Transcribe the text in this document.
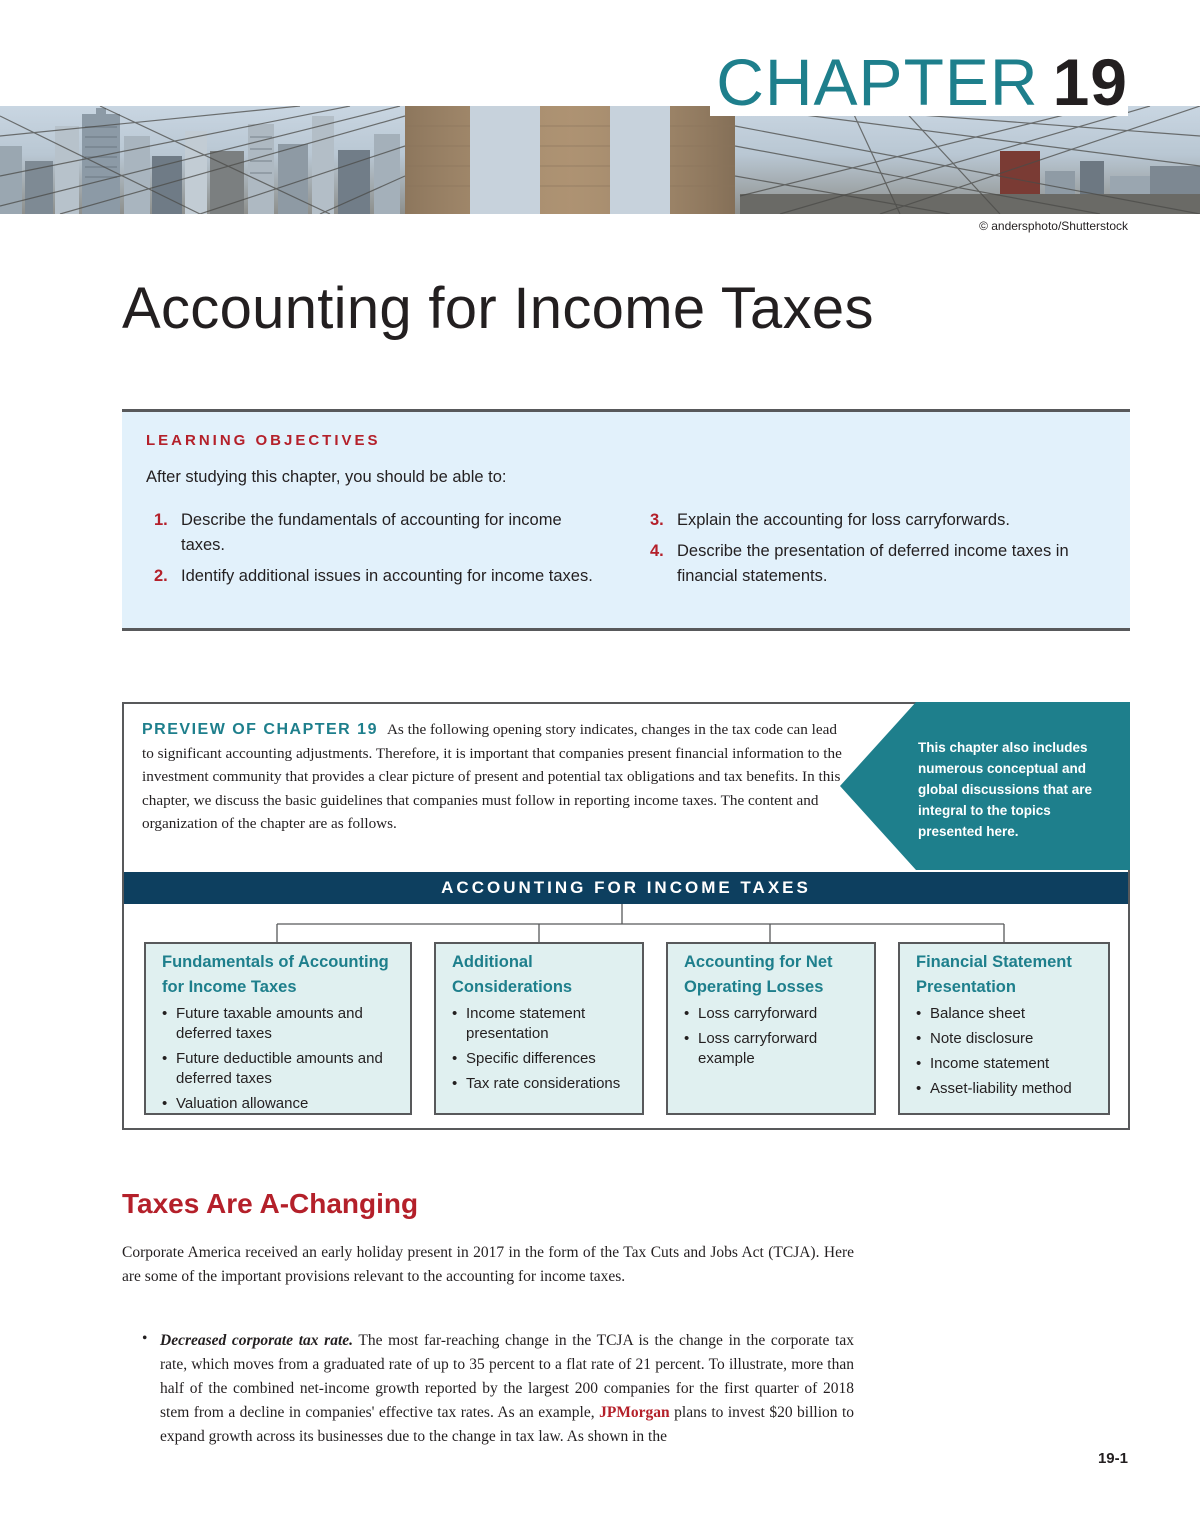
CHAPTER 19
© andersphoto/Shutterstock
Accounting for Income Taxes
LEARNING OBJECTIVES
After studying this chapter, you should be able to:
1. Describe the fundamentals of accounting for income taxes.
2. Identify additional issues in accounting for income taxes.
3. Explain the accounting for loss carryforwards.
4. Describe the presentation of deferred income taxes in financial statements.

PREVIEW OF CHAPTER 19 As the following opening story indicates, changes in the tax code can lead to significant accounting adjustments. Therefore, it is important that companies present financial information to the investment community that provides a clear picture of present and potential tax obligations and tax benefits. In this chapter, we discuss the basic guidelines that companies must follow in reporting income taxes. The content and organization of the chapter are as follows.

This chapter also includes numerous conceptual and global discussions that are integral to the topics presented here.
ACCOUNTING FOR INCOME TAXES
Fundamentals of Accounting for Income Taxes
• Future taxable amounts and deferred taxes
• Future deductible amounts and deferred taxes
• Valuation allowance
Additional Considerations
• Income statement presentation
• Specific differences
• Tax rate considerations
Accounting for Net Operating Losses
• Loss carryforward
• Loss carryforward example
Financial Statement Presentation
• Balance sheet
• Note disclosure
• Income statement
• Asset-liability method
Taxes Are A-Changing

Corporate America received an early holiday present in 2017 in the form of the Tax Cuts and Jobs Act (TCJA). Here are some of the important provisions relevant to the accounting for income taxes.

• Decreased corporate tax rate. The most far-reaching change in the TCJA is the change in the corporate tax rate, which moves from a graduated rate of up to 35 percent to a flat rate of 21 percent. To illustrate, more than half of the combined net-income growth reported by the largest 200 companies for the first quarter of 2018 stem from a decline in companies' effective tax rates. As an example, JPMorgan plans to invest $20 billion to expand growth across its businesses due to the change in tax law. As shown in the

19-1
